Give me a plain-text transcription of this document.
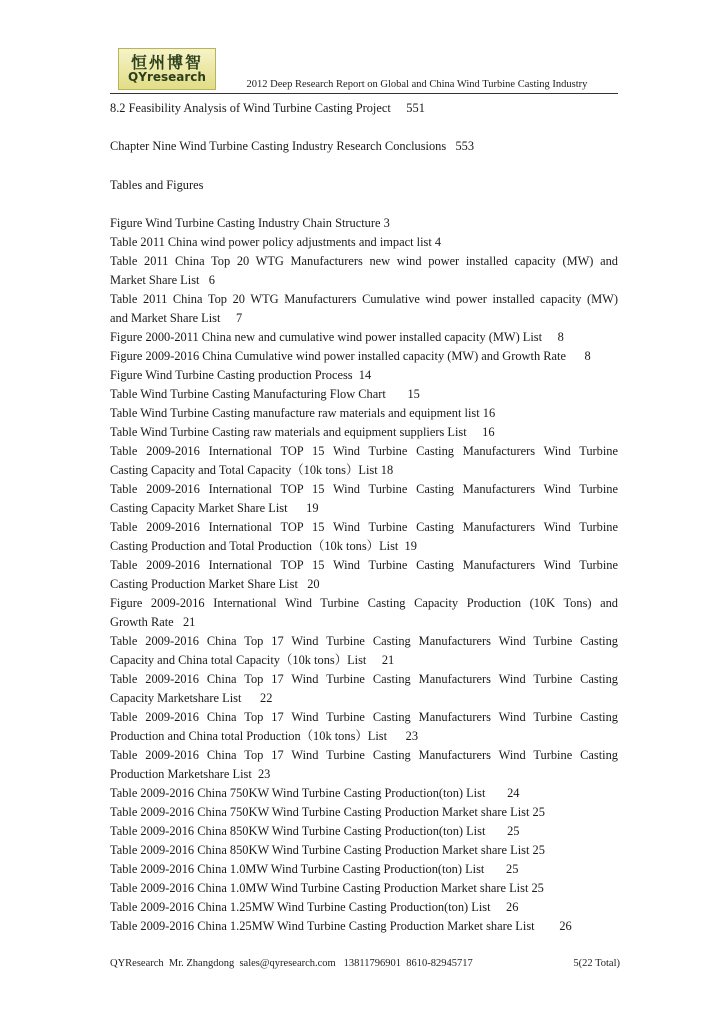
恒州博智
QYresearch
2012 Deep Research Report on Global and China Wind Turbine Casting Industry
8.2 Feasibility Analysis of Wind Turbine Casting Project     551
Chapter Nine Wind Turbine Casting Industry Research Conclusions   553
Tables and Figures
Figure Wind Turbine Casting Industry Chain Structure 3
Table 2011 China wind power policy adjustments and impact list 4
Table 2011 China Top 20 WTG Manufacturers new wind power installed capacity (MW) and
Market Share List   6
Table 2011 China Top 20 WTG Manufacturers Cumulative wind power installed capacity (MW)
and Market Share List     7
Figure 2000-2011 China new and cumulative wind power installed capacity (MW) List     8
Figure 2009-2016 China Cumulative wind power installed capacity (MW) and Growth Rate      8
Figure Wind Turbine Casting production Process  14
Table Wind Turbine Casting Manufacturing Flow Chart       15
Table Wind Turbine Casting manufacture raw materials and equipment list 16
Table Wind Turbine Casting raw materials and equipment suppliers List     16
Table 2009-2016 International TOP 15 Wind Turbine Casting Manufacturers Wind Turbine
Casting Capacity and Total Capacity（10k tons）List 18
Table 2009-2016 International TOP 15 Wind Turbine Casting Manufacturers Wind Turbine
Casting Capacity Market Share List      19
Table 2009-2016 International TOP 15 Wind Turbine Casting Manufacturers Wind Turbine
Casting Production and Total Production（10k tons）List  19
Table 2009-2016 International TOP 15 Wind Turbine Casting Manufacturers Wind Turbine
Casting Production Market Share List   20
Figure 2009-2016 International Wind Turbine Casting Capacity Production (10K Tons) and
Growth Rate   21
Table 2009-2016 China Top 17 Wind Turbine Casting Manufacturers Wind Turbine Casting
Capacity and China total Capacity（10k tons）List     21
Table 2009-2016 China Top 17 Wind Turbine Casting Manufacturers Wind Turbine Casting
Capacity Marketshare List      22
Table 2009-2016 China Top 17 Wind Turbine Casting Manufacturers Wind Turbine Casting
Production and China total Production（10k tons）List      23
Table 2009-2016 China Top 17 Wind Turbine Casting Manufacturers Wind Turbine Casting
Production Marketshare List  23
Table 2009-2016 China 750KW Wind Turbine Casting Production(ton) List       24
Table 2009-2016 China 750KW Wind Turbine Casting Production Market share List 25
Table 2009-2016 China 850KW Wind Turbine Casting Production(ton) List       25
Table 2009-2016 China 850KW Wind Turbine Casting Production Market share List 25
Table 2009-2016 China 1.0MW Wind Turbine Casting Production(ton) List       25
Table 2009-2016 China 1.0MW Wind Turbine Casting Production Market share List 25
Table 2009-2016 China 1.25MW Wind Turbine Casting Production(ton) List     26
Table 2009-2016 China 1.25MW Wind Turbine Casting Production Market share List        26
QYResearch  Mr. Zhangdong  sales@qyresearch.com   13811796901  8610-82945717	5(22 Total)
